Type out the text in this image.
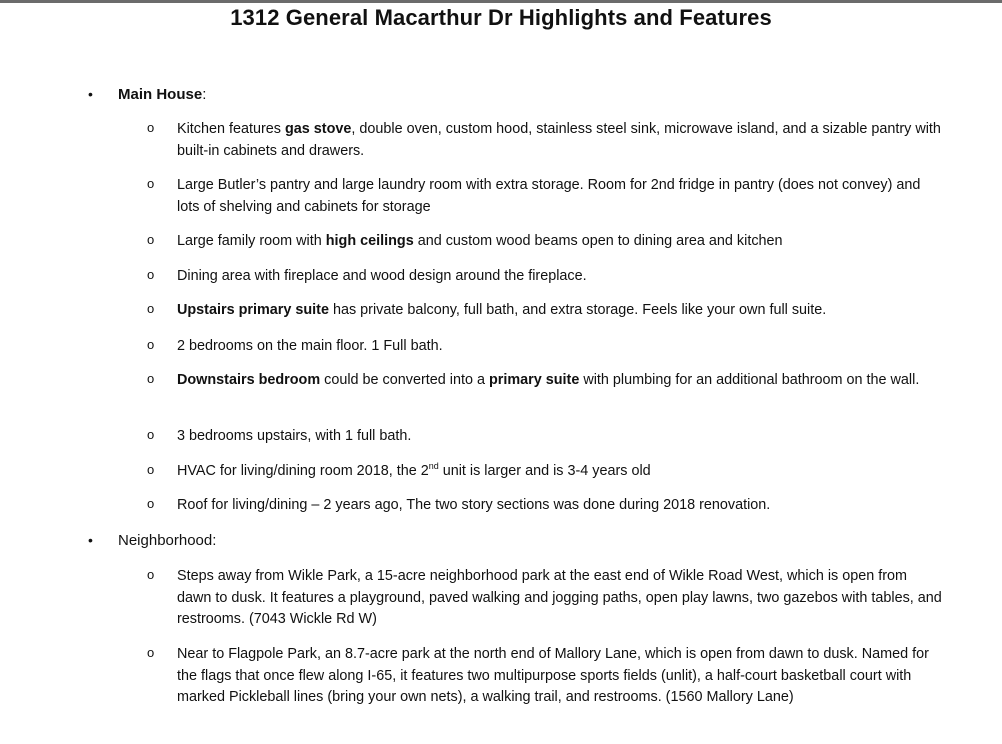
1312 General Macarthur Dr Highlights and Features
• Main House:
• Neighborhood:
o Kitchen features gas stove, double oven, custom hood, stainless steel sink, microwave island, and a sizable pantry with built-in cabinets and drawers.
o Large Butler’s pantry and large laundry room with extra storage. Room for 2nd fridge in pantry (does not convey) and lots of shelving and cabinets for storage
o Large family room with high ceilings and custom wood beams open to dining area and kitchen
o Dining area with fireplace and wood design around the fireplace.
o Upstairs primary suite has private balcony, full bath, and extra storage. Feels like your own full suite.
o 2 bedrooms on the main floor. 1 Full bath.
o Downstairs bedroom could be converted into a primary suite with plumbing for an additional bathroom on the wall.
o 3 bedrooms upstairs, with 1 full bath.
o HVAC for living/dining room 2018, the 2nd unit is larger and is 3-4 years old
o Roof for living/dining – 2 years ago, The two story sections was done during 2018 renovation.
o Steps away from Wikle Park, a 15-acre neighborhood park at the east end of Wikle Road West, which is open from dawn to dusk. It features a playground, paved walking and jogging paths, open play lawns, two gazebos with tables, and restrooms. (7043 Wickle Rd W)
o Near to Flagpole Park, an 8.7-acre park at the north end of Mallory Lane, which is open from dawn to dusk. Named for the flags that once flew along I-65, it features two multipurpose sports fields (unlit), a half-court basketball court with marked Pickleball lines (bring your own nets), a walking trail, and restrooms. (1560 Mallory Lane)
